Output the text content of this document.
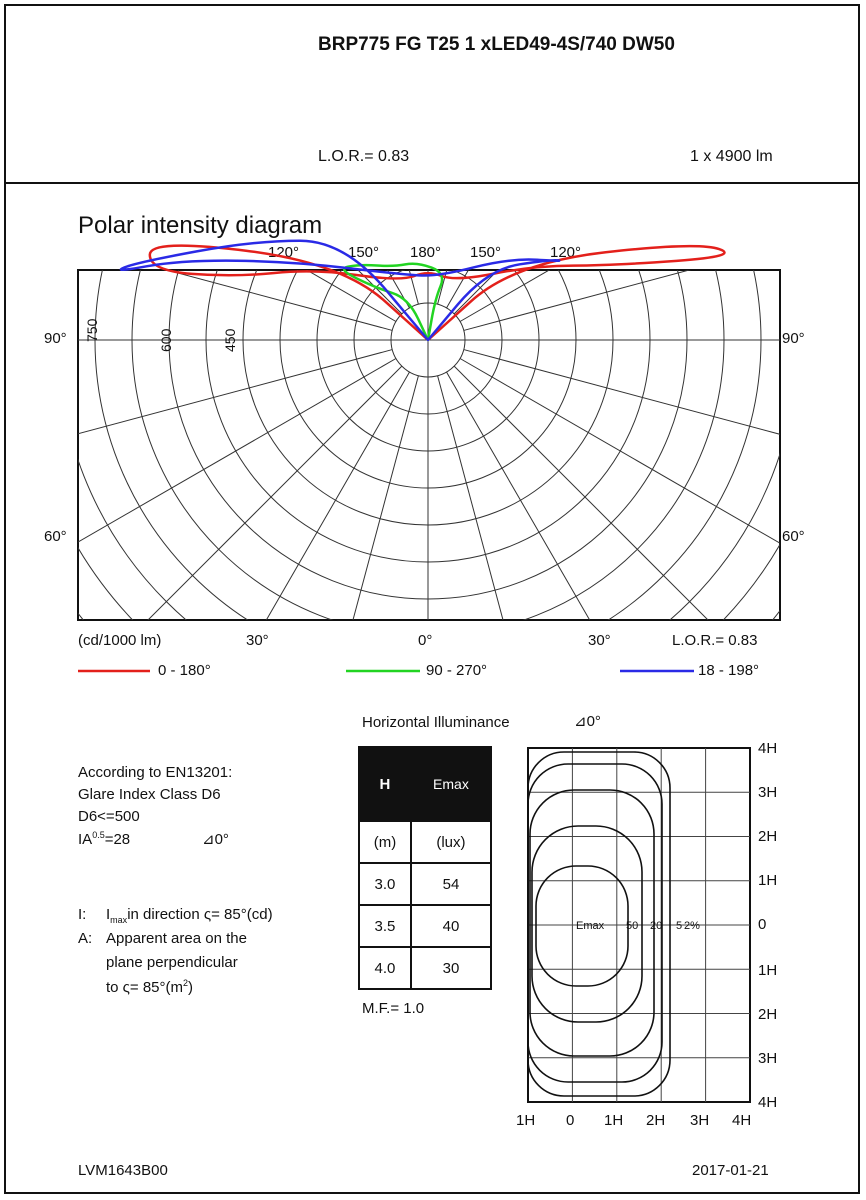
BRP775 FG T25 1 xLED49-4S/740 DW50
L.O.R.= 0.83	1 x 4900 lm
Polar intensity diagram
120°	150° 180° 150°	120°
90°	90°
60°	60°
(cd/1000 lm)	30°	0°	30°	L.O.R.= 0.83
750	600	450
0 - 180°	90 - 270°	18 - 198°
According to EN13201:
Glare Index Class D6
D6<=500
$IA^{0.5}=28$	⊿0°
I: $I_{max}in$ direction ς= 85°(cd)
A: Apparent area on the
plane perpendicular
to $\varsigma= 85^\circ(m^2)$
Horizontal Illuminance	⊿0°
H	Emax
(m)	(lux)
3.0	54
3.5	40
4.0	30
M.F.= 1.0
4H
3H
2H
1H
0
1H
2H
3H
4H
1H 0 1H 2H 3H 4H
Emax 50 20 5 2%
LVM1643B00	2017-01-21
